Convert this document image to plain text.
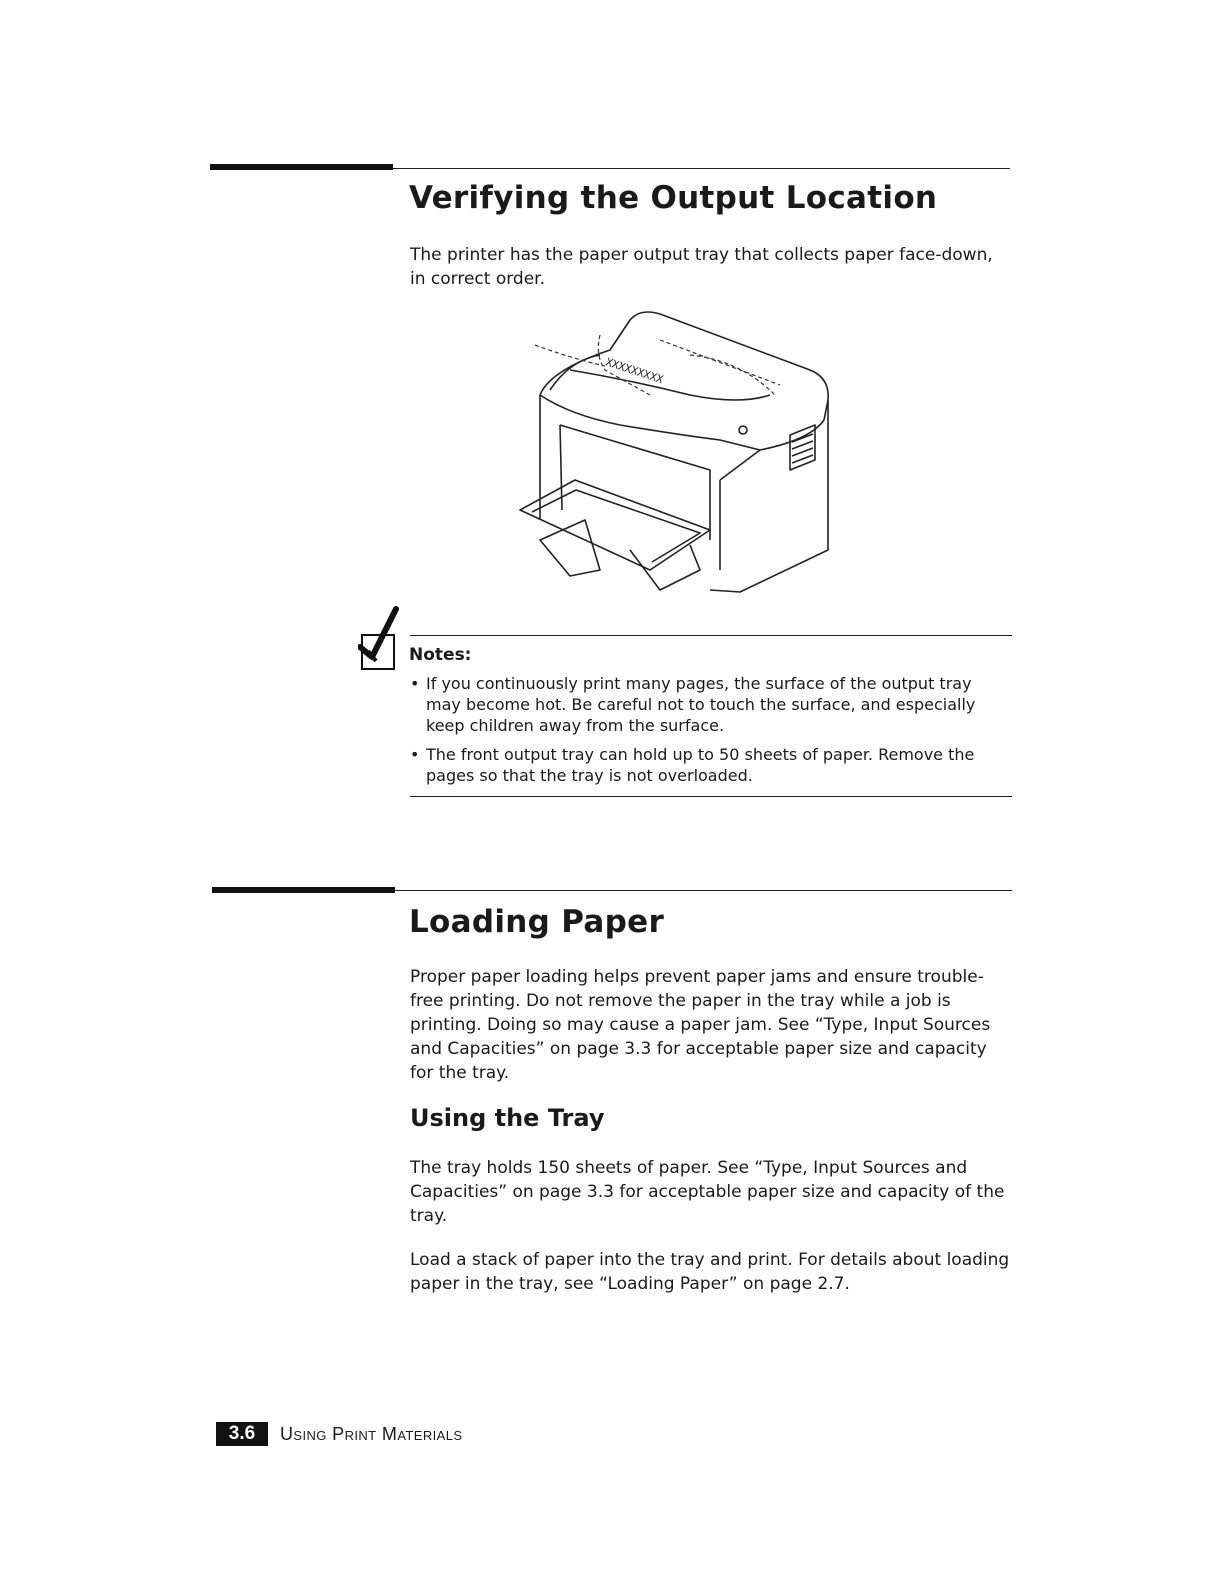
Verifying the Output Location

The printer has the paper output tray that collects paper face-down, in correct order.

XXXXXXXXX
Notes:
• If you continuously print many pages, the surface of the output tray may become hot. Be careful not to touch the surface, and especially keep children away from the surface.
• The front output tray can hold up to 50 sheets of paper. Remove the pages so that the tray is not overloaded.
Loading Paper

Proper paper loading helps prevent paper jams and ensure trouble-free printing. Do not remove the paper in the tray while a job is printing. Doing so may cause a paper jam. See “Type, Input Sources and Capacities” on page 3.3 for acceptable paper size and capacity for the tray.

Using the Tray

The tray holds 150 sheets of paper. See “Type, Input Sources and Capacities” on page 3.3 for acceptable paper size and capacity of the tray.

Load a stack of paper into the tray and print. For details about loading paper in the tray, see “Loading Paper” on page 2.7.

3.6	Using Print Materials
